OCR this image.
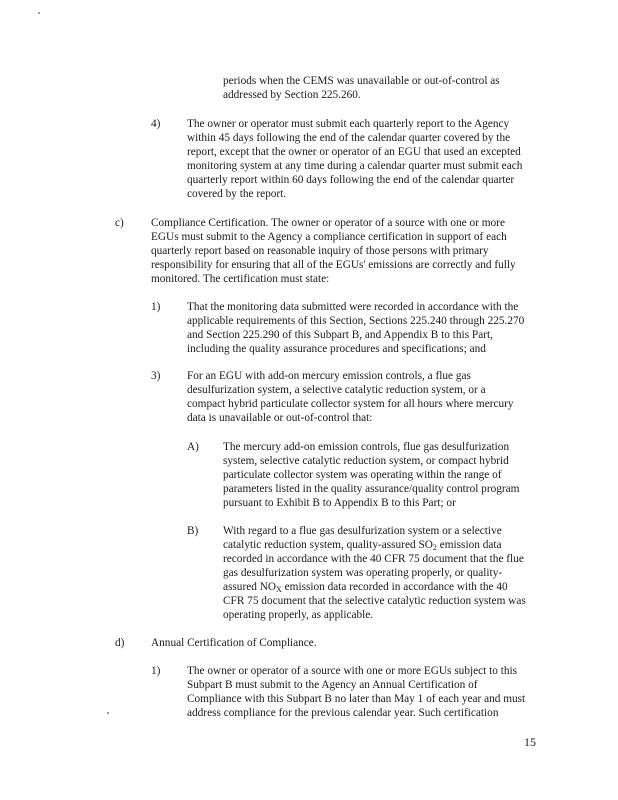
periods when the CEMS was unavailable or out-of-control as
addressed by Section 225.260.
4) The owner or operator must submit each quarterly report to the Agency
within 45 days following the end of the calendar quarter covered by the
report, except that the owner or operator of an EGU that used an excepted
monitoring system at any time during a calendar quarter must submit each
quarterly report within 60 days following the end of the calendar quarter
covered by the report.
c) Compliance Certification. The owner or operator of a source with one or more
EGUs must submit to the Agency a compliance certification in support of each
quarterly report based on reasonable inquiry of those persons with primary
responsibility for ensuring that all of the EGUs' emissions are correctly and fully
monitored. The certification must state:
1) That the monitoring data submitted were recorded in accordance with the
applicable requirements of this Section, Sections 225.240 through 225.270
and Section 225.290 of this Subpart B, and Appendix B to this Part,
including the quality assurance procedures and specifications; and
3) For an EGU with add-on mercury emission controls, a flue gas
desulfurization system, a selective catalytic reduction system, or a
compact hybrid particulate collector system for all hours where mercury
data is unavailable or out-of-control that:
A) The mercury add-on emission controls, flue gas desulfurization
system, selective catalytic reduction system, or compact hybrid
particulate collector system was operating within the range of
parameters listed in the quality assurance/quality control program
pursuant to Exhibit B to Appendix B to this Part; or
B) With regard to a flue gas desulfurization system or a selective
catalytic reduction system, quality-assured $SO_2$ emission data
recorded in accordance with the 40 CFR 75 document that the flue
gas desulfurization system was operating properly, or quality-
assured $NO_X$ emission data recorded in accordance with the 40
CFR 75 document that the selective catalytic reduction system was
operating properly, as applicable.
d) Annual Certification of Compliance.
1) The owner or operator of a source with one or more EGUs subject to this
Subpart B must submit to the Agency an Annual Certification of
Compliance with this Subpart B no later than May 1 of each year and must
address compliance for the previous calendar year. Such certification
15
